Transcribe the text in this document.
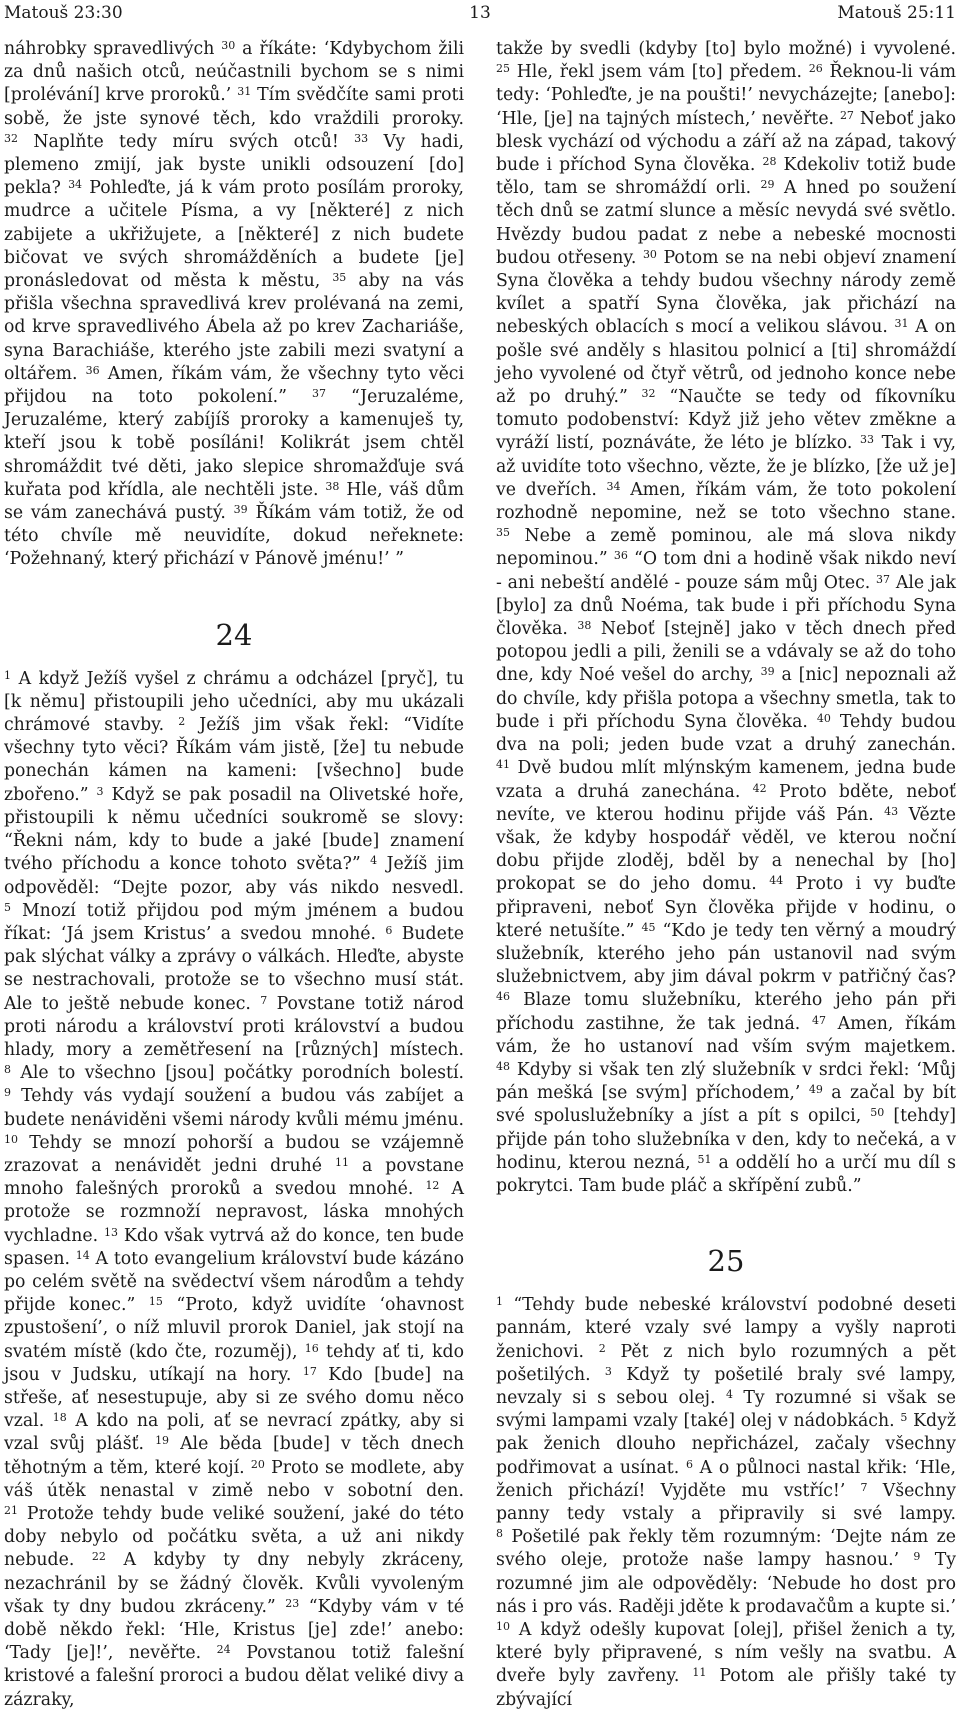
Matouš 23:30	13	Matouš 25:11

náhrobky spravedlivých $^{30}$ a říkáte: ‘Kdybychom žili za dnů našich otců, neúčastnili bychom se s nimi [prolévání] krve proroků.’ $^{31}$ Tím svědčíte sami proti sobě, že jste synové těch, kdo vraždili proroky. $^{32}$ Naplňte tedy míru svých otců! $^{33}$ Vy hadi, plemeno zmijí, jak byste unikli odsouzení [do] pekla? $^{34}$ Pohleďte, já k vám proto posílám proroky, mudrce a učitele Písma, a vy [některé] z nich zabijete a ukřižujete, a [některé] z nich budete bičovat ve svých shromážděních a budete [je] pronásledovat od města k městu, $^{35}$ aby na vás přišla všechna spravedlivá krev prolévaná na zemi, od krve spravedlivého Ábela až po krev Zachariáše, syna Barachiáše, kterého jste zabili mezi svatyní a oltářem. $^{36}$ Amen, říkám vám, že všechny tyto věci přijdou na toto pokolení.” $^{37}$ “Jeruzaléme, Jeruzaléme, který zabíjíš proroky a kamenuješ ty, kteří jsou k tobě posíláni! Kolikrát jsem chtěl shromáždit tvé děti, jako slepice shromažďuje svá kuřata pod křídla, ale nechtěli jste. $^{38}$ Hle, váš dům se vám zanechává pustý. $^{39}$ Říkám vám totiž, že od této chvíle mě neuvidíte, dokud neřeknete: ‘Požehnaný, který přichází v Pánově jménu!’ ”

24

$^1$ A když Ježíš vyšel z chrámu a odcházel [pryč], tu [k němu] přistoupili jeho učedníci, aby mu ukázali chrámové stavby. $^2$ Ježíš jim však řekl: “Vidíte všechny tyto věci? Říkám vám jistě, [že] tu nebude ponechán kámen na kameni: [všechno] bude zbořeno.” $^3$ Když se pak posadil na Olivetské hoře, přistoupili k němu učedníci soukromě se slovy: “Řekni nám, kdy to bude a jaké [bude] znamení tvého příchodu a konce tohoto světa?” $^4$ Ježíš jim odpověděl: “Dejte pozor, aby vás nikdo nesvedl. $^5$ Mnozí totiž přijdou pod mým jménem a budou říkat: ‘Já jsem Kristus’ a svedou mnohé. $^6$ Budete pak slýchat války a zprávy o válkách. Hleďte, abyste se nestrachovali, protože se to všechno musí stát. Ale to ještě nebude konec. $^7$ Povstane totiž národ proti národu a království proti království a budou hlady, mory a zemětřesení na [různých] místech. $^8$ Ale to všechno [jsou] počátky porodních bolestí. $^9$ Tehdy vás vydají soužení a budou vás zabíjet a budete nenáviděni všemi národy kvůli mému jménu. $^{10}$ Tehdy se mnozí pohorší a budou se vzájemně zrazovat a nenávidět jedni druhé $^{11}$ a povstane mnoho falešných proroků a svedou mnohé. $^{12}$ A protože se rozmnoží nepravost, láska mnohých vychladne. $^{13}$ Kdo však vytrvá až do konce, ten bude spasen. $^{14}$ A toto evangelium království bude kázáno po celém světě na svědectví všem národům a tehdy přijde konec.” $^{15}$ “Proto, když uvidíte ‘ohavnost zpustošení’, o níž mluvil prorok Daniel, jak stojí na svatém místě (kdo čte, rozuměj), $^{16}$ tehdy ať ti, kdo jsou v Judsku, utíkají na hory. $^{17}$ Kdo [bude] na střeše, ať nesestupuje, aby si ze svého domu něco vzal. $^{18}$ A kdo na poli, ať se nevrací zpátky, aby si vzal svůj plášť. $^{19}$ Ale běda [bude] v těch dnech těhotným a těm, které kojí. $^{20}$ Proto se modlete, aby váš útěk nenastal v zimě nebo v sobotní den. $^{21}$ Protože tehdy bude veliké soužení, jaké do této doby nebylo od počátku světa, a už ani nikdy nebude. $^{22}$ A kdyby ty dny nebyly zkráceny, nezachránil by se žádný člověk. Kvůli vyvoleným však ty dny budou zkráceny.” $^{23}$ “Kdyby vám v té době někdo řekl: ‘Hle, Kristus [je] zde!’ anebo: ‘Tady [je]!’, nevěřte. $^{24}$ Povstanou totiž falešní kristové a falešní proroci a budou dělat veliké divy a zázraky,

takže by svedli (kdyby [to] bylo možné) i vyvolené. $^{25}$ Hle, řekl jsem vám [to] předem. $^{26}$ Řeknou-li vám tedy: ‘Pohleďte, je na poušti!’ nevycházejte; [anebo]: ‘Hle, [je] na tajných místech,’ nevěřte. $^{27}$ Neboť jako blesk vychází od východu a září až na západ, takový bude i příchod Syna člověka. $^{28}$ Kdekoliv totiž bude tělo, tam se shromáždí orli. $^{29}$ A hned po soužení těch dnů se zatmí slunce a měsíc nevydá své světlo. Hvězdy budou padat z nebe a nebeské mocnosti budou otřeseny. $^{30}$ Potom se na nebi objeví znamení Syna člověka a tehdy budou všechny národy země kvílet a spatří Syna člověka, jak přichází na nebeských oblacích s mocí a velikou slávou. $^{31}$ A on pošle své anděly s hlasitou polnicí a [ti] shromáždí jeho vyvolené od čtyř větrů, od jednoho konce nebe až po druhý.” $^{32}$ “Naučte se tedy od fíkovníku tomuto podobenství: Když již jeho větev změkne a vyráží listí, poznáváte, že léto je blízko. $^{33}$ Tak i vy, až uvidíte toto všechno, vězte, že je blízko, [že už je] ve dveřích. $^{34}$ Amen, říkám vám, že toto pokolení rozhodně nepomine, než se toto všechno stane. $^{35}$ Nebe a země pominou, ale má slova nikdy nepominou.” $^{36}$ “O tom dni a hodině však nikdo neví - ani nebeští andělé - pouze sám můj Otec. $^{37}$ Ale jak [bylo] za dnů Noéma, tak bude i při příchodu Syna člověka. $^{38}$ Neboť [stejně] jako v těch dnech před potopou jedli a pili, ženili se a vdávaly se až do toho dne, kdy Noé vešel do archy, $^{39}$ a [nic] nepoznali až do chvíle, kdy přišla potopa a všechny smetla, tak to bude i při příchodu Syna člověka. $^{40}$ Tehdy budou dva na poli; jeden bude vzat a druhý zanechán. $^{41}$ Dvě budou mlít mlýnským kamenem, jedna bude vzata a druhá zanechána. $^{42}$ Proto bděte, neboť nevíte, ve kterou hodinu přijde váš Pán. $^{43}$ Vězte však, že kdyby hospodář věděl, ve kterou noční dobu přijde zloděj, bděl by a nenechal by [ho] prokopat se do jeho domu. $^{44}$ Proto i vy buďte připraveni, neboť Syn člověka přijde v hodinu, o které netušíte.” $^{45}$ “Kdo je tedy ten věrný a moudrý služebník, kterého jeho pán ustanovil nad svým služebnictvem, aby jim dával pokrm v patřičný čas? $^{46}$ Blaze tomu služebníku, kterého jeho pán při příchodu zastihne, že tak jedná. $^{47}$ Amen, říkám vám, že ho ustanoví nad vším svým majetkem. $^{48}$ Kdyby si však ten zlý služebník v srdci řekl: ‘Můj pán mešká [se svým] příchodem,’ $^{49}$ a začal by bít své spoluslužebníky a jíst a pít s opilci, $^{50}$ [tehdy] přijde pán toho služebníka v den, kdy to nečeká, a v hodinu, kterou nezná, $^{51}$ a oddělí ho a určí mu díl s pokrytci. Tam bude pláč a skřípění zubů.”

25

$^1$ “Tehdy bude nebeské království podobné deseti pannám, které vzaly své lampy a vyšly naproti ženichovi. $^2$ Pět z nich bylo rozumných a pět pošetilých. $^3$ Když ty pošetilé braly své lampy, nevzaly si s sebou olej. $^4$ Ty rozumné si však se svými lampami vzaly [také] olej v nádobkách. $^5$ Když pak ženich dlouho nepřicházel, začaly všechny podřimovat a usínat. $^6$ A o půlnoci nastal křik: ‘Hle, ženich přichází! Vyjděte mu vstříc!’ $^7$ Všechny panny tedy vstaly a připravily si své lampy. $^8$ Pošetilé pak řekly těm rozumným: ‘Dejte nám ze svého oleje, protože naše lampy hasnou.’ $^9$ Ty rozumné jim ale odpověděly: ‘Nebude ho dost pro nás i pro vás. Raději jděte k prodavačům a kupte si.’ $^{10}$ A když odešly kupovat [olej], přišel ženich a ty, které byly připravené, s ním vešly na svatbu. A dveře byly zavřeny. $^{11}$ Potom ale přišly také ty zbývající
